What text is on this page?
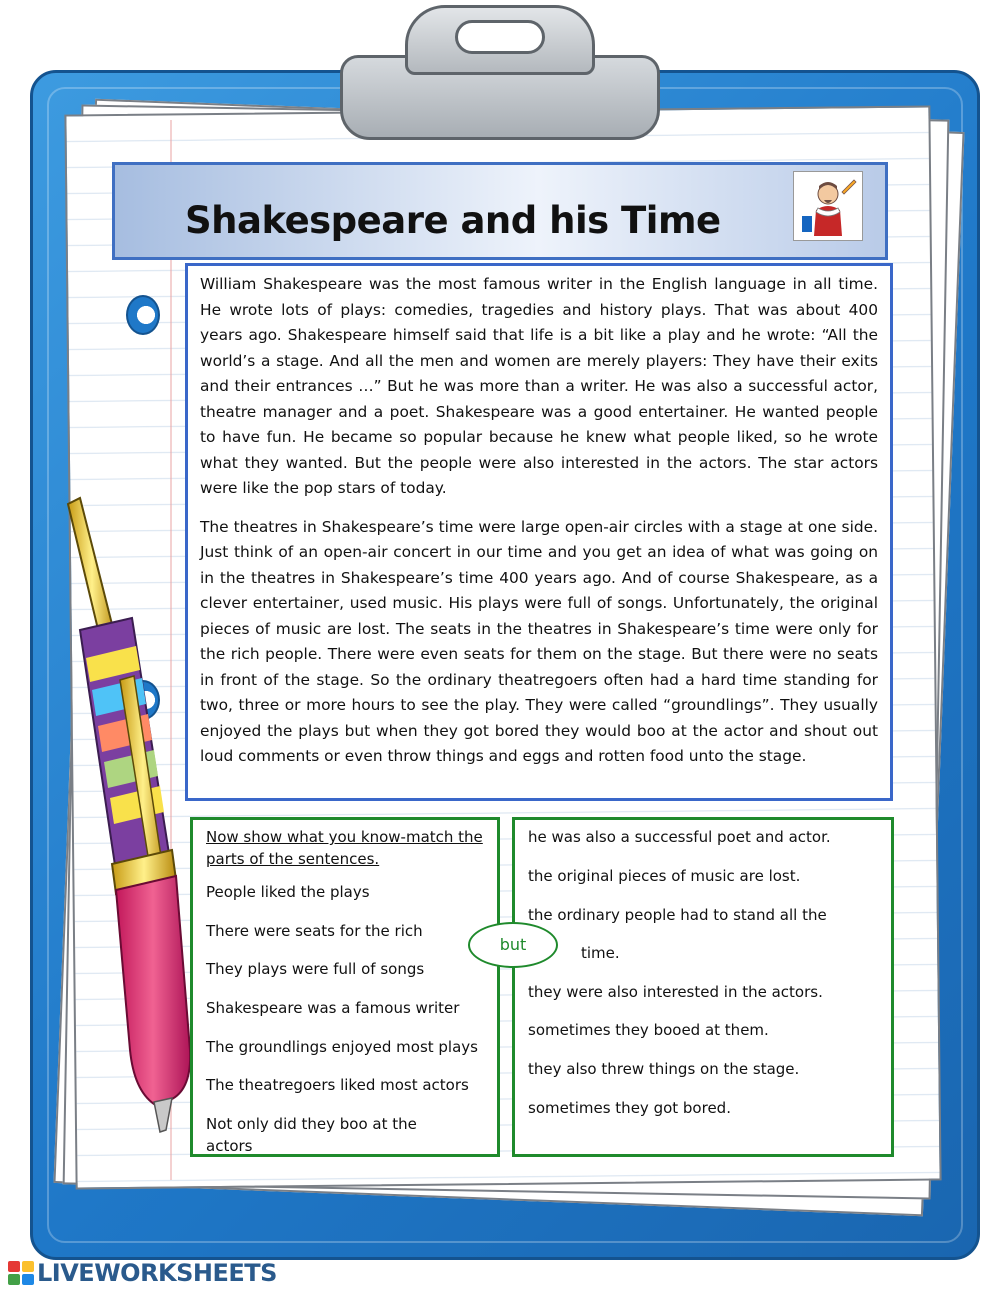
Shakespeare and his Time

William Shakespeare was the most famous writer in the English language in all time. He wrote lots of plays: comedies, tragedies and history plays. That was about 400 years ago. Shakespeare himself said that life is a bit like a play and he wrote: “All the world’s a stage. And all the men and women are merely players: They have their exits and their entrances …” But he was more than a writer. He was also a successful actor, theatre manager and a poet. Shakespeare was a good entertainer. He wanted people to have fun. He became so popular because he knew what people liked, so he wrote what they wanted. But the people were also interested in the actors. The star actors were like the pop stars of today.

The theatres in Shakespeare’s time were large open-air circles with a stage at one side. Just think of an open-air concert in our time and you get an idea of what was going on in the theatres in Shakespeare’s time 400 years ago. And of course Shakespeare, as a clever entertainer, used music. His plays were full of songs. Unfortunately, the original pieces of music are lost. The seats in the theatres in Shakespeare’s time were only for the rich people. There were even seats for them on the stage. But there were no seats in front of the stage. So the ordinary theatregoers often had a hard time standing for two, three or more hours to see the play. They were called “groundlings”. They usually enjoyed the plays but when they got bored they would boo at the actor and shout out loud comments or even throw things and eggs and rotten food unto the stage.

Now show what you know-match the parts of the sentences.
People liked the plays
There were seats for the rich
They plays were full of songs
Shakespeare was a famous writer
The groundlings enjoyed most plays
The theatregoers liked most actors
Not only did they boo at the
actors
he was also a successful poet and actor.
the original pieces of music are lost.
the ordinary people had to stand all the
time.
they were also interested in the actors.
sometimes they booed at them.
they also threw things on the stage.
sometimes they got bored.
but
LIVEWORKSHEETS
